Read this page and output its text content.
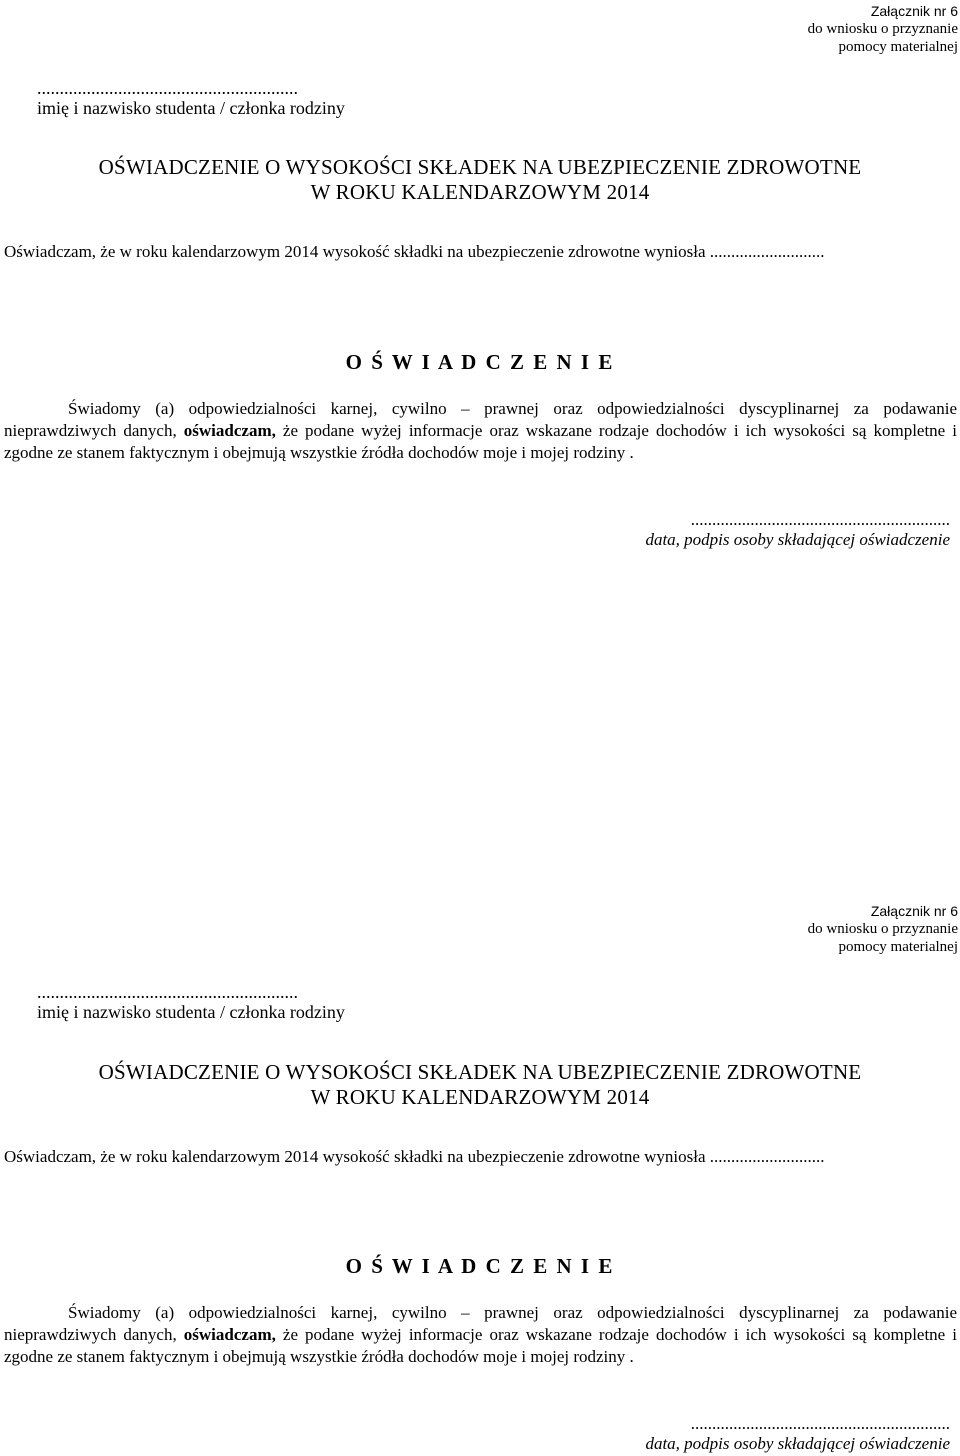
Załącznik nr 6
do wniosku o przyznanie
pomocy materialnej
..........................................................
imię i nazwisko studenta / członka rodziny
OŚWIADCZENIE O WYSOKOŚCI SKŁADEK NA UBEZPIECZENIE ZDROWOTNE
W ROKU KALENDARZOWYM 2014
Oświadczam, że w roku kalendarzowym 2014 wysokość składki na ubezpieczenie zdrowotne wyniosła ...........................
O Ś W I A D C Z E N I E
Świadomy (a) odpowiedzialności karnej, cywilno – prawnej oraz odpowiedzialności dyscyplinarnej za podawanie nieprawdziwych danych, oświadczam, że podane wyżej informacje oraz wskazane rodzaje dochodów i ich wysokości są kompletne i zgodne ze stanem faktycznym i obejmują wszystkie źródła dochodów moje i mojej rodziny .
.............................................................
data, podpis osoby składającej oświadczenie
Załącznik nr 6
do wniosku o przyznanie
pomocy materialnej
..........................................................
imię i nazwisko studenta / członka rodziny
OŚWIADCZENIE O WYSOKOŚCI SKŁADEK NA UBEZPIECZENIE ZDROWOTNE
W ROKU KALENDARZOWYM 2014
Oświadczam, że w roku kalendarzowym 2014 wysokość składki na ubezpieczenie zdrowotne wyniosła ...........................
O Ś W I A D C Z E N I E
Świadomy (a) odpowiedzialności karnej, cywilno – prawnej oraz odpowiedzialności dyscyplinarnej za podawanie nieprawdziwych danych, oświadczam, że podane wyżej informacje oraz wskazane rodzaje dochodów i ich wysokości są kompletne i zgodne ze stanem faktycznym i obejmują wszystkie źródła dochodów moje i mojej rodziny .
.............................................................
data, podpis osoby składającej oświadczenie
